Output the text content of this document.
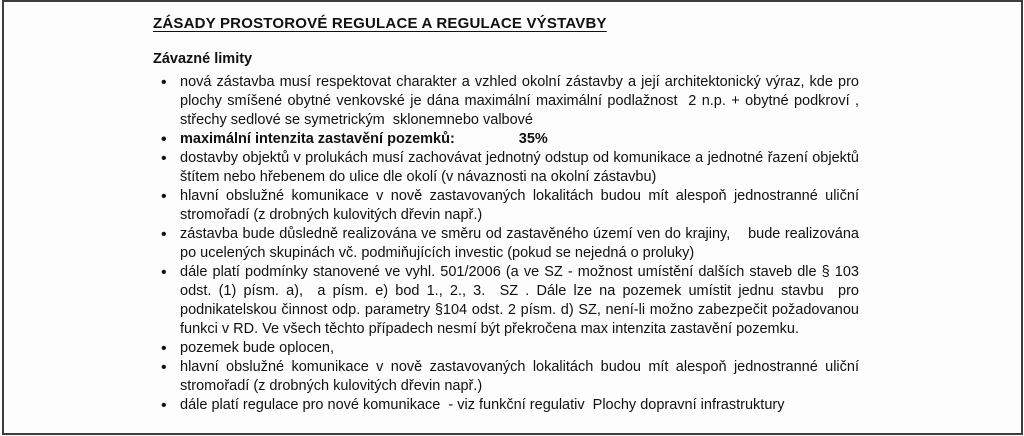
ZÁSADY PROSTOROVÉ REGULACE A REGULACE VÝSTAVBY
Závazné limity
• nová zástavba musí respektovat charakter a vzhled okolní zástavby a její architektonický výraz, kde pro plochy smíšené obytné venkovské je dána maximální maximální podlažnost  2 n.p. + obytné podkroví , střechy sedlové se symetrickým  sklonemnebo valbové
• maximální intenzita zastavění pozemků:	35%
• dostavby objektů v prolukách musí zachovávat jednotný odstup od komunikace a jednotné řazení objektů štítem nebo hřebenem do ulice dle okolí (v návaznosti na okolní zástavbu)
• hlavní obslužné komunikace v nově zastavovaných lokalitách budou mít alespoň jednostranné uliční stromořadí (z drobných kulovitých dřevin např.)
• zástavba bude důsledně realizována ve směru od zastavěného území ven do krajiny,    bude realizována po ucelených skupinách vč. podmiňujících investic (pokud se nejedná o proluky)
• dále platí podmínky stanovené ve vyhl. 501/2006 (a ve SZ - možnost umístění dalších staveb dle § 103 odst. (1) písm. a),  a písm. e) bod 1., 2., 3.  SZ . Dále lze na pozemek umístit jednu stavbu  pro podnikatelskou činnost odp. parametry §104 odst. 2 písm. d) SZ, není-li možno zabezpečit požadovanou funkci v RD. Ve všech těchto případech nesmí být překročena max intenzita zastavění pozemku.
• pozemek bude oplocen,
• hlavní obslužné komunikace v nově zastavovaných lokalitách budou mít alespoň jednostranné uliční stromořadí (z drobných kulovitých dřevin např.)
• dále platí regulace pro nové komunikace  - viz funkční regulativ  Plochy dopravní infrastruktury
